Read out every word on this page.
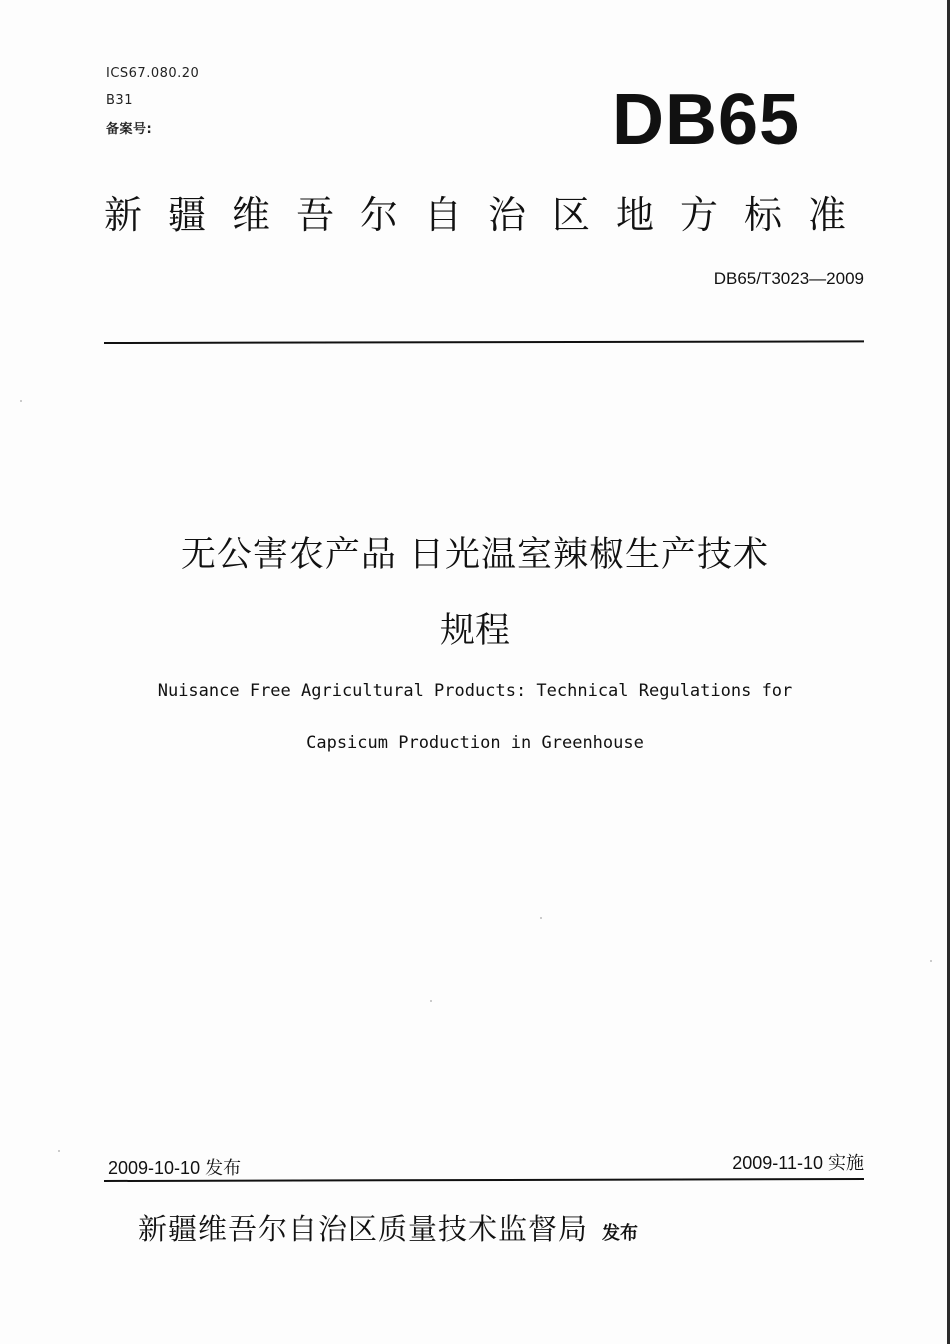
ICS67.080.20
B31
备案号:	DB65
新疆维吾尔自治区地方标准
DB65/T3023—2009
无公害农产品 日光温室辣椒生产技术
规程
Nuisance Free Agricultural Products: Technical Regulations for
Capsicum Production in Greenhouse
2009-10-10 发布	2009-11-10 实施
新疆维吾尔自治区质量技术监督局 发布
